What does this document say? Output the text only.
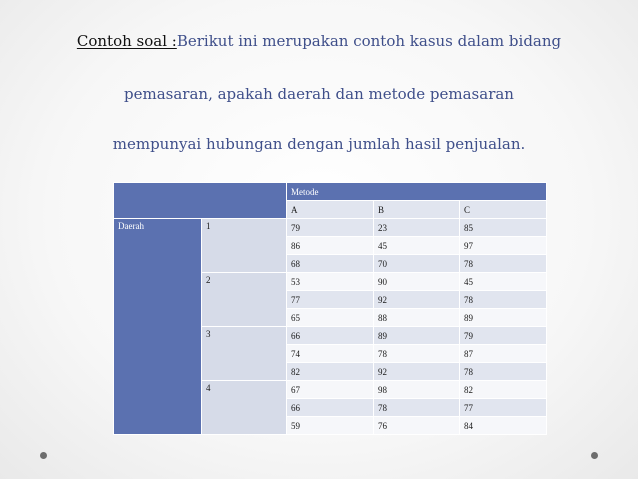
Contoh soal :Berikut ini merupakan contoh kasus dalam bidang
pemasaran, apakah daerah dan metode pemasaran
mempunyai hubungan dengan jumlah hasil penjualan.
		Metode		
		A	B	C
Daerah	1	79	23	85
		86	45	97
		68	70	78
	2	53	90	45
		77	92	78
		65	88	89
	3	66	89	79
		74	78	87
		82	92	78
	4	67	98	82
		66	78	77
		59	76	84
